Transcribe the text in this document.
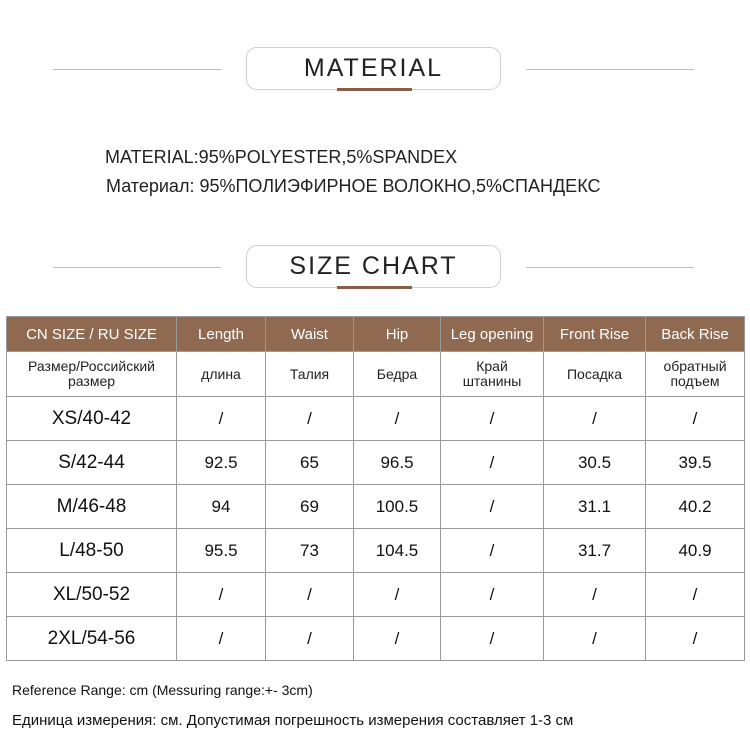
MATERIAL
MATERIAL:95%POLYESTER,5%SPANDEX
Материал: 95%ПОЛИЭФИРНОЕ ВОЛОКНО,5%СПАНДЕКС
SIZE CHART
CN SIZE / RU SIZE	Length	Waist	Hip	Leg opening	Front Rise	Back Rise
Размер/Российский размер	длина	Талия	Бедра	Край штанины	Посадка	обратный подъем
XS/40-42	/	/	/	/	/	/
S/42-44	92.5	65	96.5	/	30.5	39.5
M/46-48	94	69	100.5	/	31.1	40.2
L/48-50	95.5	73	104.5	/	31.7	40.9
XL/50-52	/	/	/	/	/	/
2XL/54-56	/	/	/	/	/	/
Reference Range: cm (Messuring range:+- 3cm)
Единица измерения: см. Допустимая погрешность измерения составляет 1-3 см
